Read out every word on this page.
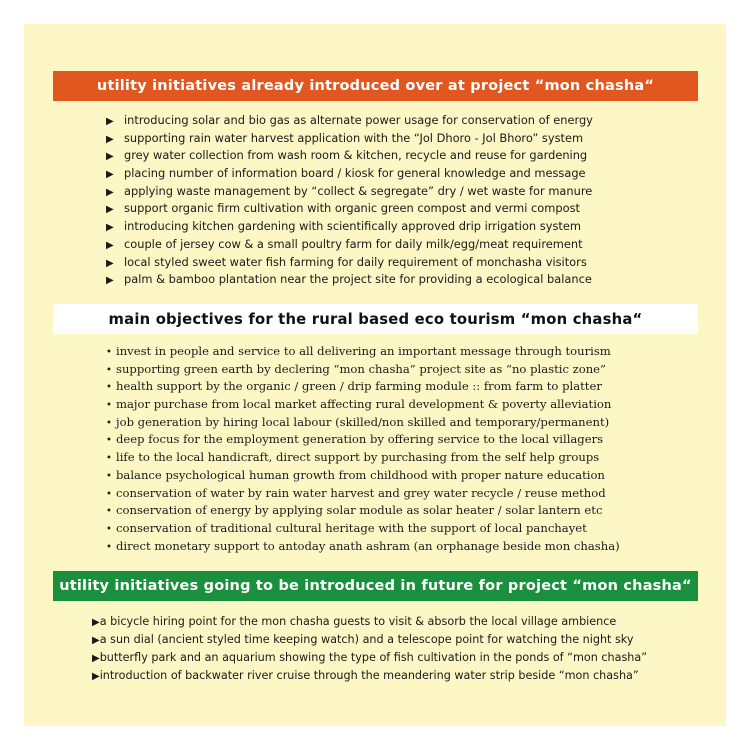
utility initiatives already introduced over at project “mon chasha“
▶ introducing solar and bio gas as alternate power usage for conservation of energy
▶ supporting rain water harvest application with the “Jol Dhoro - Jol Bhoro” system
▶ grey water collection from wash room & kitchen, recycle and reuse for gardening
▶ placing number of information board / kiosk for general knowledge and message
▶ applying waste management by “collect & segregate” dry / wet waste for manure
▶ support organic firm cultivation with organic green compost and vermi compost
▶ introducing kitchen gardening with scientifically approved drip irrigation system
▶ couple of jersey cow & a small poultry farm for daily milk/egg/meat requirement
▶ local styled sweet water fish farming for daily requirement of monchasha visitors
▶ palm & bamboo plantation near the project site for providing a ecological balance
main objectives for the rural based eco tourism “mon chasha“
• invest in people and service to all delivering an important message through tourism
• supporting green earth by declering “mon chasha” project site as “no plastic zone”
• health support by the organic / green / drip farming module :: from farm to platter
• major purchase from local market affecting rural development & poverty alleviation
• job generation by hiring local labour (skilled/non skilled and temporary/permanent)
• deep focus for the employment generation by offering service to the local villagers
• life to the local handicraft, direct support by purchasing from the self help groups
• balance psychological human growth from childhood with proper nature education
• conservation of water by rain water harvest and grey water recycle / reuse method
• conservation of energy by applying solar module as solar heater / solar lantern etc
• conservation of traditional cultural heritage with the support of local panchayet
• direct monetary support to antoday anath ashram (an orphanage beside mon chasha)
utility initiatives going to be introduced in future for project “mon chasha“
▶a bicycle hiring point for the mon chasha guests to visit & absorb the local village ambience
▶a sun dial (ancient styled time keeping watch) and a telescope point for watching the night sky
▶butterfly park and an aquarium showing the type of fish cultivation in the ponds of “mon chasha”
▶introduction of backwater river cruise through the meandering water strip beside “mon chasha”
